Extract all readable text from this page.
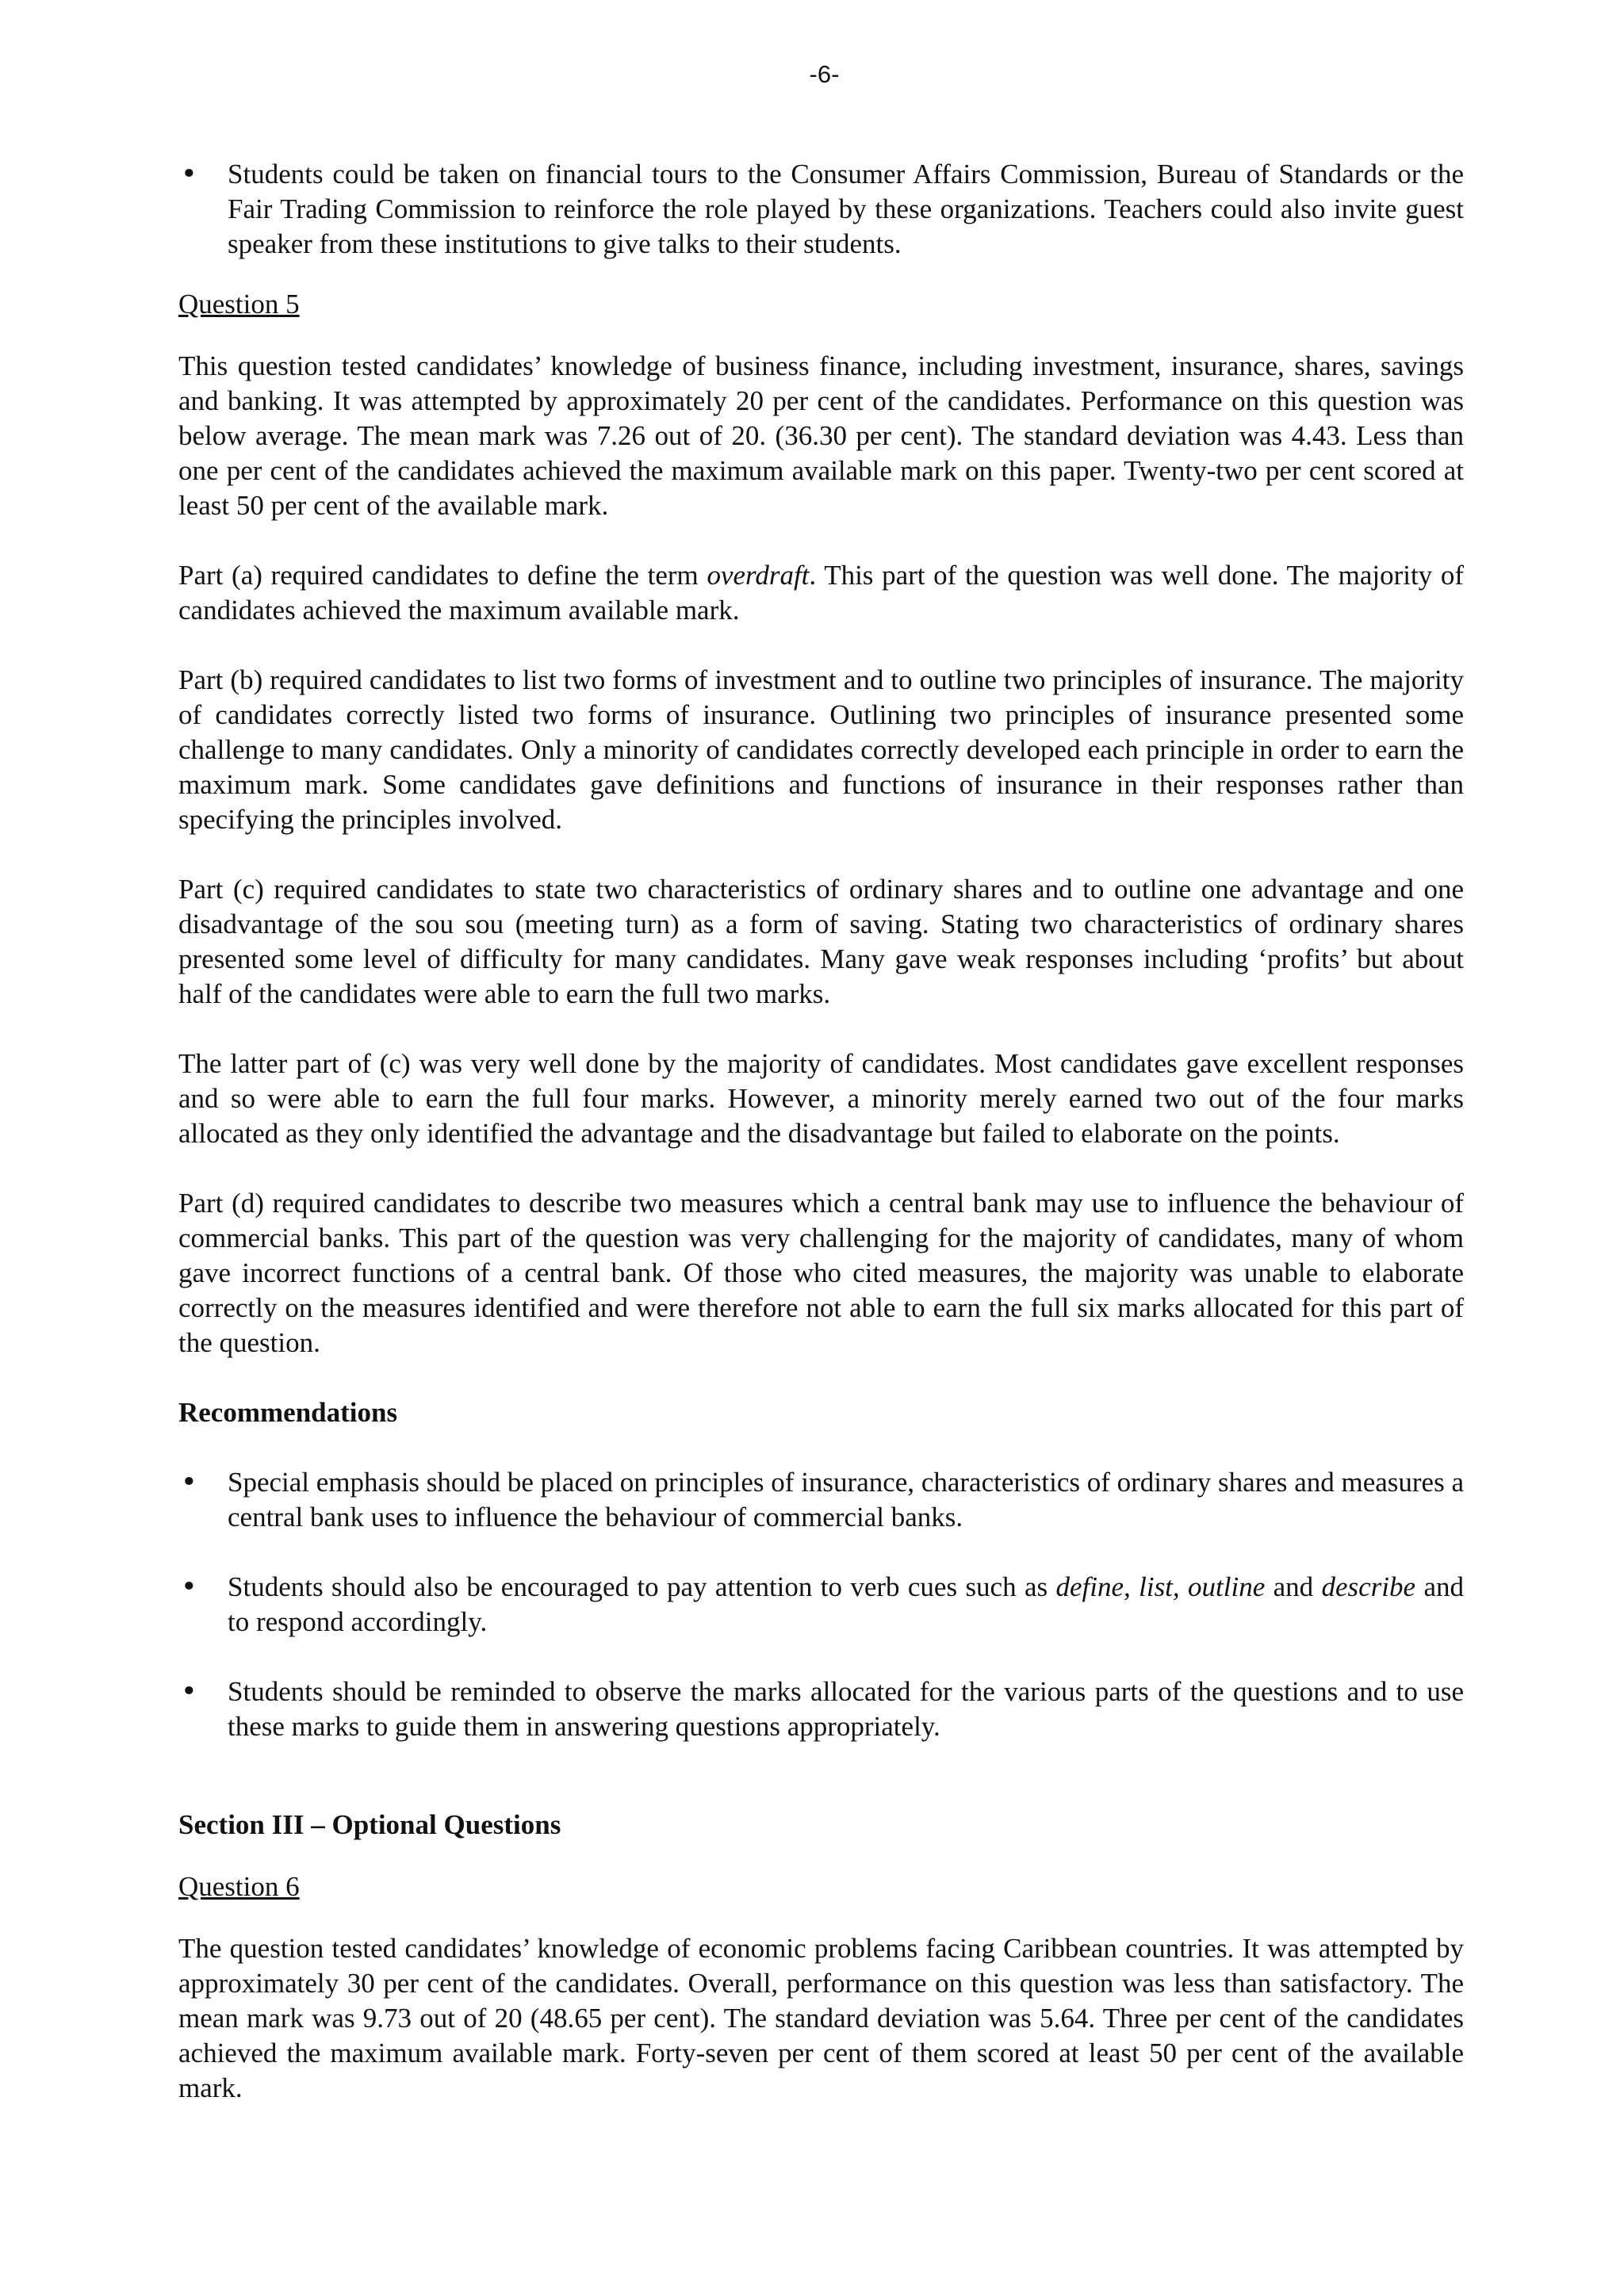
-6-
• Students could be taken on financial tours to the Consumer Affairs Commission, Bureau of Standards or the Fair Trading Commission to reinforce the role played by these organizations. Teachers could also invite guest speaker from these institutions to give talks to their students.

Question 5

This question tested candidates’ knowledge of business finance, including investment, insurance, shares, savings and banking. It was attempted by approximately 20 per cent of the candidates. Performance on this question was below average. The mean mark was 7.26 out of 20. (36.30 per cent). The standard deviation was 4.43. Less than one per cent of the candidates achieved the maximum available mark on this paper. Twenty-two per cent scored at least 50 per cent of the available mark.

Part (a) required candidates to define the term overdraft. This part of the question was well done. The majority of candidates achieved the maximum available mark.

Part (b) required candidates to list two forms of investment and to outline two principles of insurance. The majority of candidates correctly listed two forms of insurance. Outlining two principles of insurance presented some challenge to many candidates. Only a minority of candidates correctly developed each principle in order to earn the maximum mark. Some candidates gave definitions and functions of insurance in their responses rather than specifying the principles involved.

Part (c) required candidates to state two characteristics of ordinary shares and to outline one advantage and one disadvantage of the sou sou (meeting turn) as a form of saving. Stating two characteristics of ordinary shares presented some level of difficulty for many candidates. Many gave weak responses including ‘profits’ but about half of the candidates were able to earn the full two marks.

The latter part of (c) was very well done by the majority of candidates. Most candidates gave excellent responses and so were able to earn the full four marks. However, a minority merely earned two out of the four marks allocated as they only identified the advantage and the disadvantage but failed to elaborate on the points.

Part (d) required candidates to describe two measures which a central bank may use to influence the behaviour of commercial banks. This part of the question was very challenging for the majority of candidates, many of whom gave incorrect functions of a central bank. Of those who cited measures, the majority was unable to elaborate correctly on the measures identified and were therefore not able to earn the full six marks allocated for this part of the question.

Recommendations

• Special emphasis should be placed on principles of insurance, characteristics of ordinary shares and measures a central bank uses to influence the behaviour of commercial banks.
• Students should also be encouraged to pay attention to verb cues such as define, list, outline and describe and to respond accordingly.
• Students should be reminded to observe the marks allocated for the various parts of the questions and to use these marks to guide them in answering questions appropriately.

Section III – Optional Questions

Question 6

The question tested candidates’ knowledge of economic problems facing Caribbean countries. It was attempted by approximately 30 per cent of the candidates. Overall, performance on this question was less than satisfactory. The mean mark was 9.73 out of 20 (48.65 per cent). The standard deviation was 5.64. Three per cent of the candidates achieved the maximum available mark. Forty-seven per cent of them scored at least 50 per cent of the available mark.
